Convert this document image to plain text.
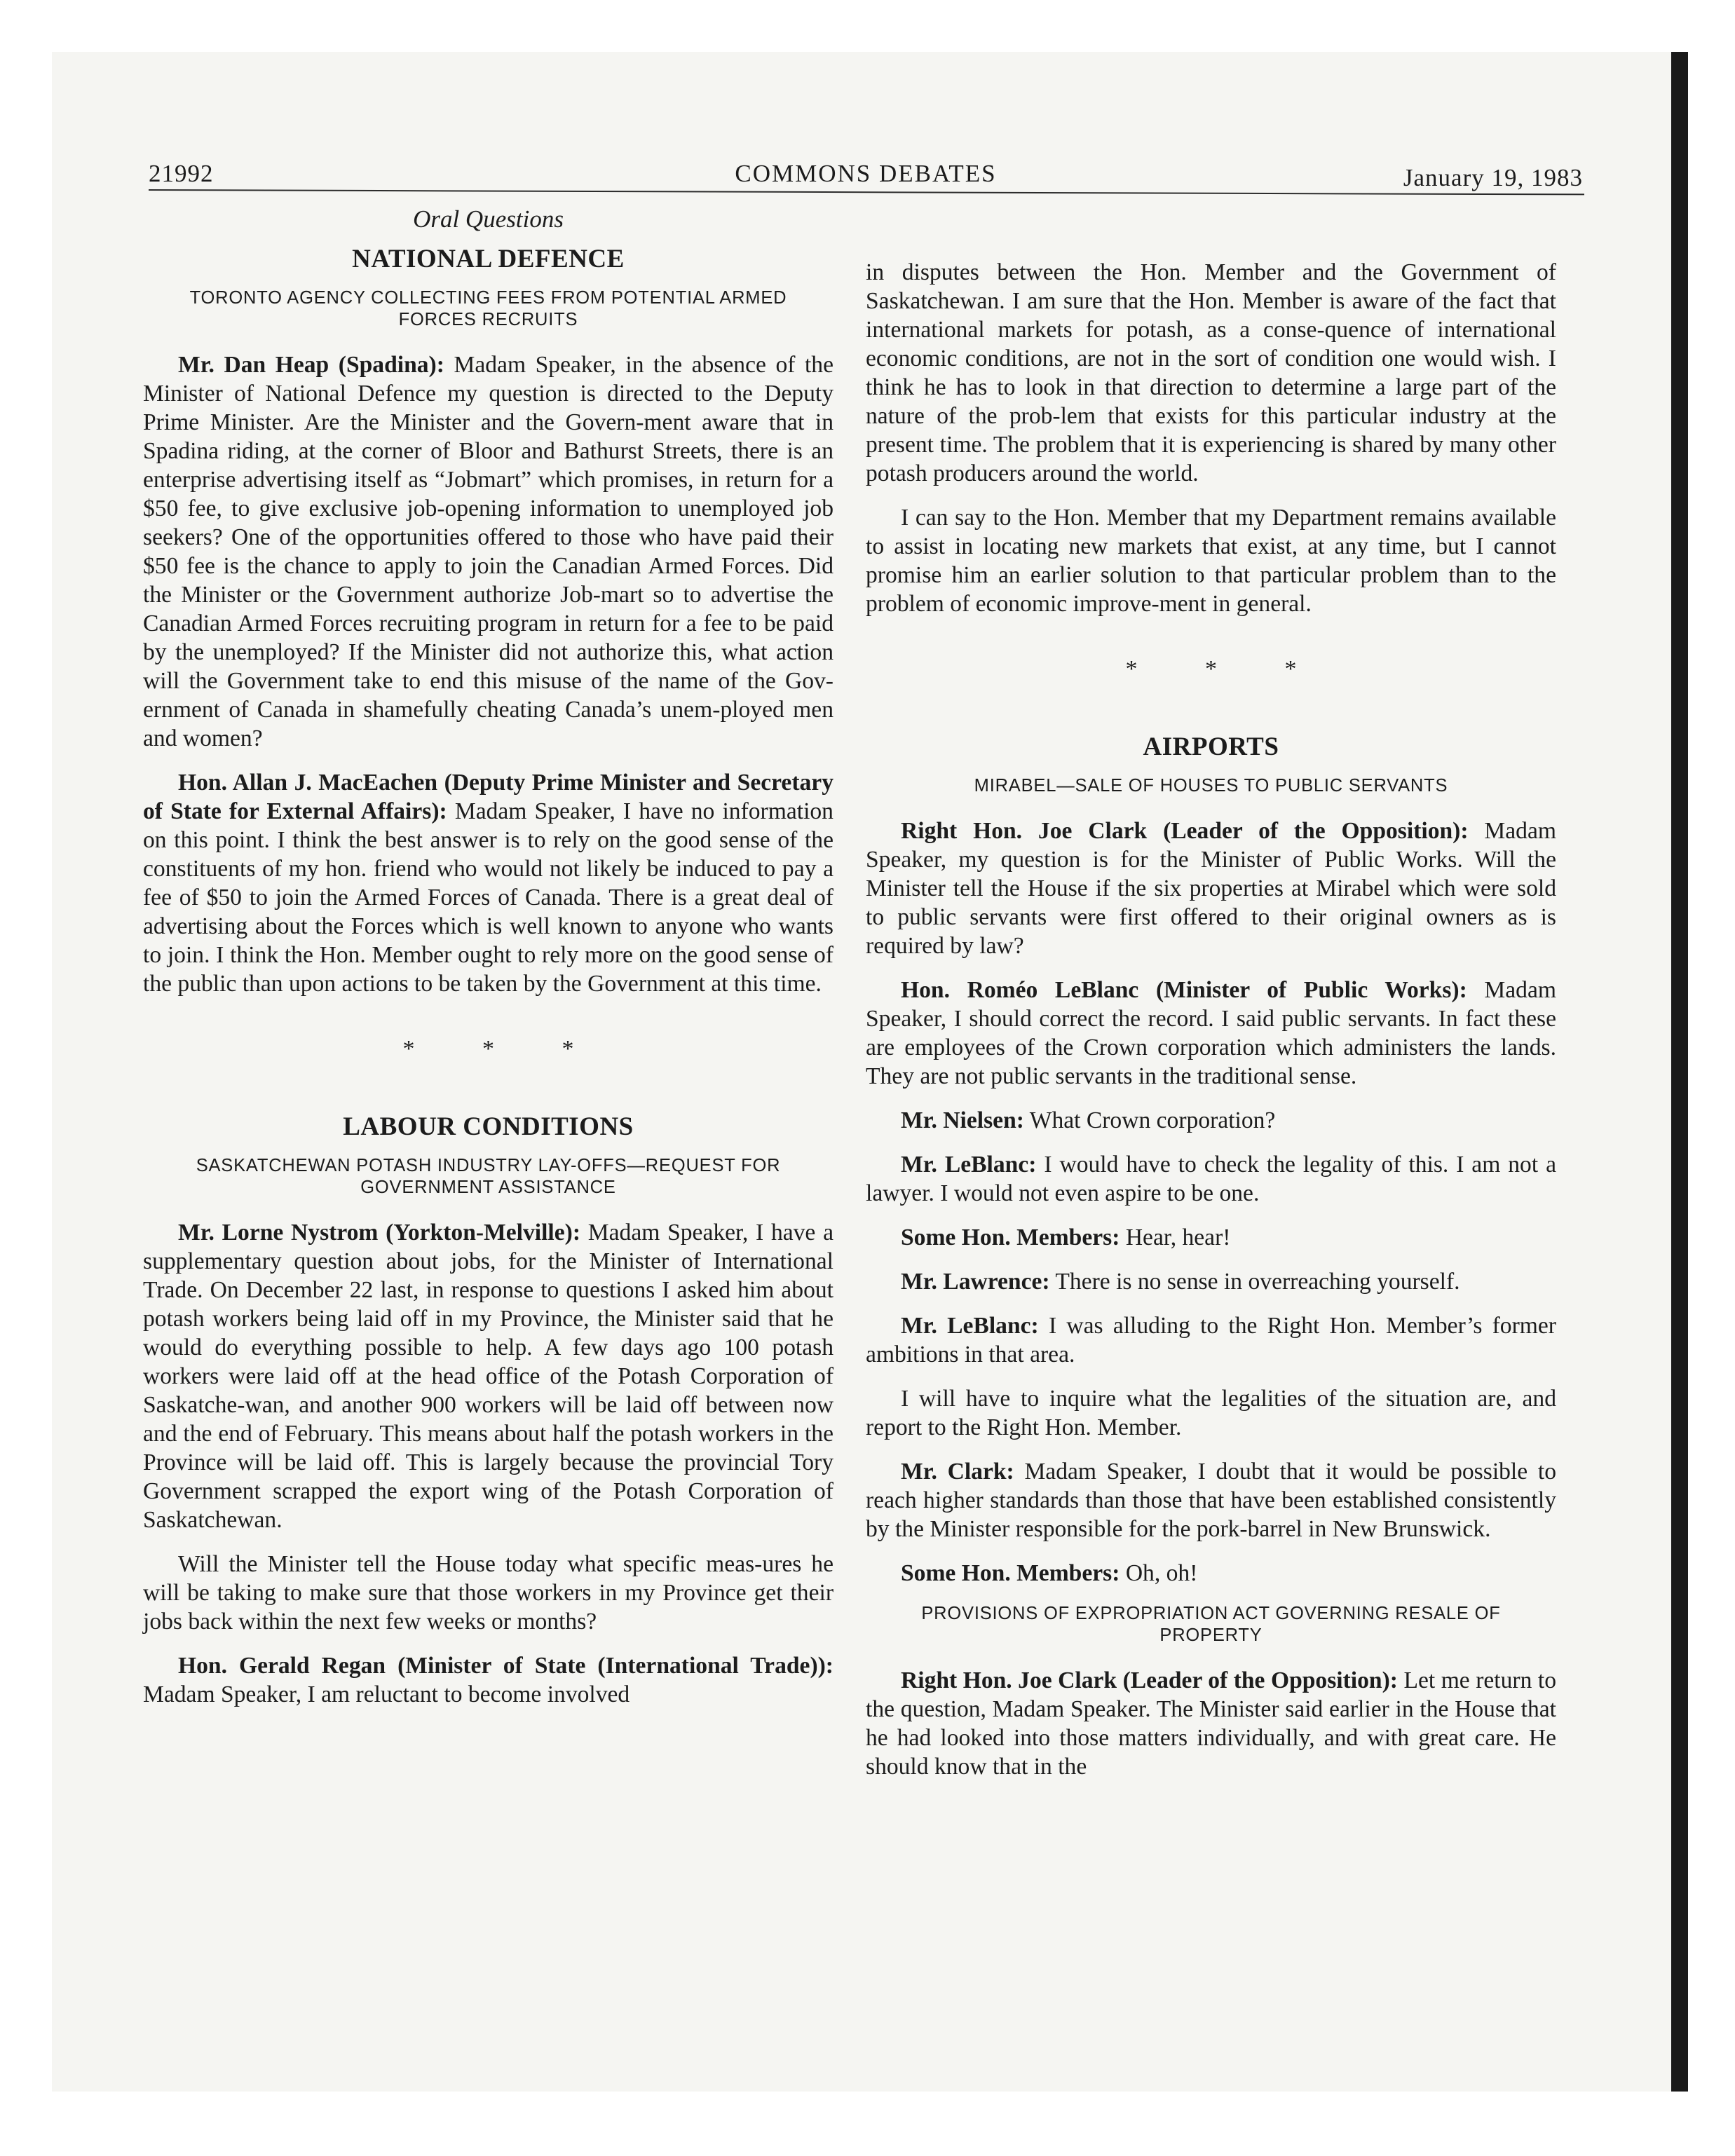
21992	COMMONS DEBATES	January 19, 1983
Oral Questions
NATIONAL DEFENCE
TORONTO AGENCY COLLECTING FEES FROM POTENTIAL ARMED FORCES RECRUITS

Mr. Dan Heap (Spadina): Madam Speaker, in the absence of the Minister of National Defence my question is directed to the Deputy Prime Minister. Are the Minister and the Govern-ment aware that in Spadina riding, at the corner of Bloor and Bathurst Streets, there is an enterprise advertising itself as “Jobmart” which promises, in return for a $50 fee, to give exclusive job-opening information to unemployed job seekers? One of the opportunities offered to those who have paid their $50 fee is the chance to apply to join the Canadian Armed Forces. Did the Minister or the Government authorize Job-mart so to advertise the Canadian Armed Forces recruiting program in return for a fee to be paid by the unemployed? If the Minister did not authorize this, what action will the Government take to end this misuse of the name of the Gov-ernment of Canada in shamefully cheating Canada’s unem-ployed men and women?

Hon. Allan J. MacEachen (Deputy Prime Minister and Secretary of State for External Affairs): Madam Speaker, I have no information on this point. I think the best answer is to rely on the good sense of the constituents of my hon. friend who would not likely be induced to pay a fee of $50 to join the Armed Forces of Canada. There is a great deal of advertising about the Forces which is well known to anyone who wants to join. I think the Hon. Member ought to rely more on the good sense of the public than upon actions to be taken by the Government at this time.

* * *
LABOUR CONDITIONS
SASKATCHEWAN POTASH INDUSTRY LAY-OFFS—REQUEST FOR GOVERNMENT ASSISTANCE

Mr. Lorne Nystrom (Yorkton-Melville): Madam Speaker, I have a supplementary question about jobs, for the Minister of International Trade. On December 22 last, in response to questions I asked him about potash workers being laid off in my Province, the Minister said that he would do everything possible to help. A few days ago 100 potash workers were laid off at the head office of the Potash Corporation of Saskatche-wan, and another 900 workers will be laid off between now and the end of February. This means about half the potash workers in the Province will be laid off. This is largely because the provincial Tory Government scrapped the export wing of the Potash Corporation of Saskatchewan.

Will the Minister tell the House today what specific meas-ures he will be taking to make sure that those workers in my Province get their jobs back within the next few weeks or months?

Hon. Gerald Regan (Minister of State (International Trade)): Madam Speaker, I am reluctant to become involved

in disputes between the Hon. Member and the Government of Saskatchewan. I am sure that the Hon. Member is aware of the fact that international markets for potash, as a conse-quence of international economic conditions, are not in the sort of condition one would wish. I think he has to look in that direction to determine a large part of the nature of the prob-lem that exists for this particular industry at the present time. The problem that it is experiencing is shared by many other potash producers around the world.

I can say to the Hon. Member that my Department remains available to assist in locating new markets that exist, at any time, but I cannot promise him an earlier solution to that particular problem than to the problem of economic improve-ment in general.

* * *
AIRPORTS
MIRABEL—SALE OF HOUSES TO PUBLIC SERVANTS

Right Hon. Joe Clark (Leader of the Opposition): Madam Speaker, my question is for the Minister of Public Works. Will the Minister tell the House if the six properties at Mirabel which were sold to public servants were first offered to their original owners as is required by law?

Hon. Roméo LeBlanc (Minister of Public Works): Madam Speaker, I should correct the record. I said public servants. In fact these are employees of the Crown corporation which administers the lands. They are not public servants in the traditional sense.

Mr. Nielsen: What Crown corporation?

Mr. LeBlanc: I would have to check the legality of this. I am not a lawyer. I would not even aspire to be one.

Some Hon. Members: Hear, hear!

Mr. Lawrence: There is no sense in overreaching yourself.

Mr. LeBlanc: I was alluding to the Right Hon. Member’s former ambitions in that area.

I will have to inquire what the legalities of the situation are, and report to the Right Hon. Member.

Mr. Clark: Madam Speaker, I doubt that it would be possible to reach higher standards than those that have been established consistently by the Minister responsible for the pork-barrel in New Brunswick.

Some Hon. Members: Oh, oh!

PROVISIONS OF EXPROPRIATION ACT GOVERNING RESALE OF PROPERTY

Right Hon. Joe Clark (Leader of the Opposition): Let me return to the question, Madam Speaker. The Minister said earlier in the House that he had looked into those matters individually, and with great care. He should know that in the
